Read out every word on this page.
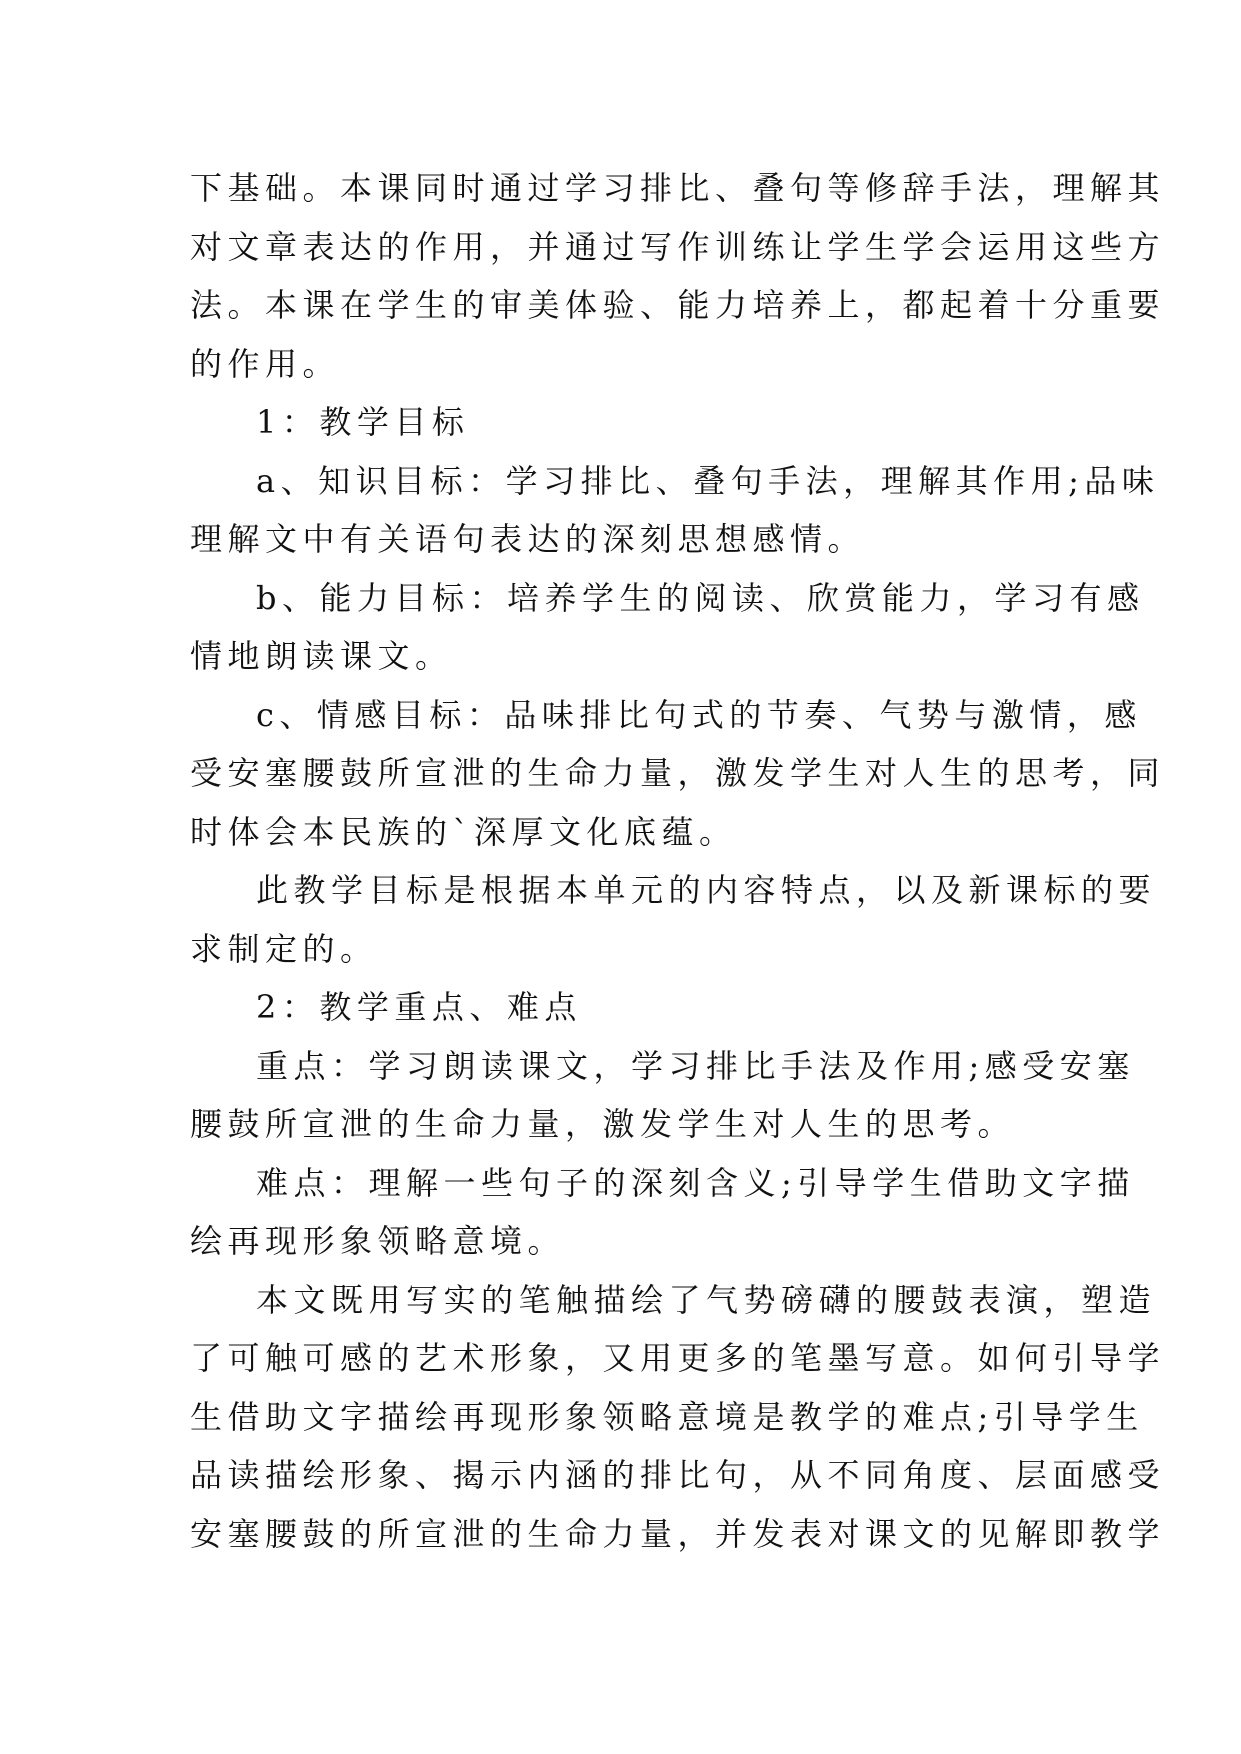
下基础。本课同时通过学习排比、叠句等修辞手法，理解其
对文章表达的作用，并通过写作训练让学生学会运用这些方
法。本课在学生的审美体验、能力培养上，都起着十分重要
的作用。
1：教学目标
a、知识目标：学习排比、叠句手法，理解其作用;品味
理解文中有关语句表达的深刻思想感情。
b、能力目标：培养学生的阅读、欣赏能力，学习有感
情地朗读课文。
c、情感目标：品味排比句式的节奏、气势与激情，感
受安塞腰鼓所宣泄的生命力量，激发学生对人生的思考，同
时体会本民族的`深厚文化底蕴。
此教学目标是根据本单元的内容特点，以及新课标的要
求制定的。
2：教学重点、难点
重点：学习朗读课文，学习排比手法及作用;感受安塞
腰鼓所宣泄的生命力量，激发学生对人生的思考。
难点：理解一些句子的深刻含义;引导学生借助文字描
绘再现形象领略意境。
本文既用写实的笔触描绘了气势磅礴的腰鼓表演，塑造
了可触可感的艺术形象，又用更多的笔墨写意。如何引导学
生借助文字描绘再现形象领略意境是教学的难点;引导学生
品读描绘形象、揭示内涵的排比句，从不同角度、层面感受
安塞腰鼓的所宣泄的生命力量，并发表对课文的见解即教学
